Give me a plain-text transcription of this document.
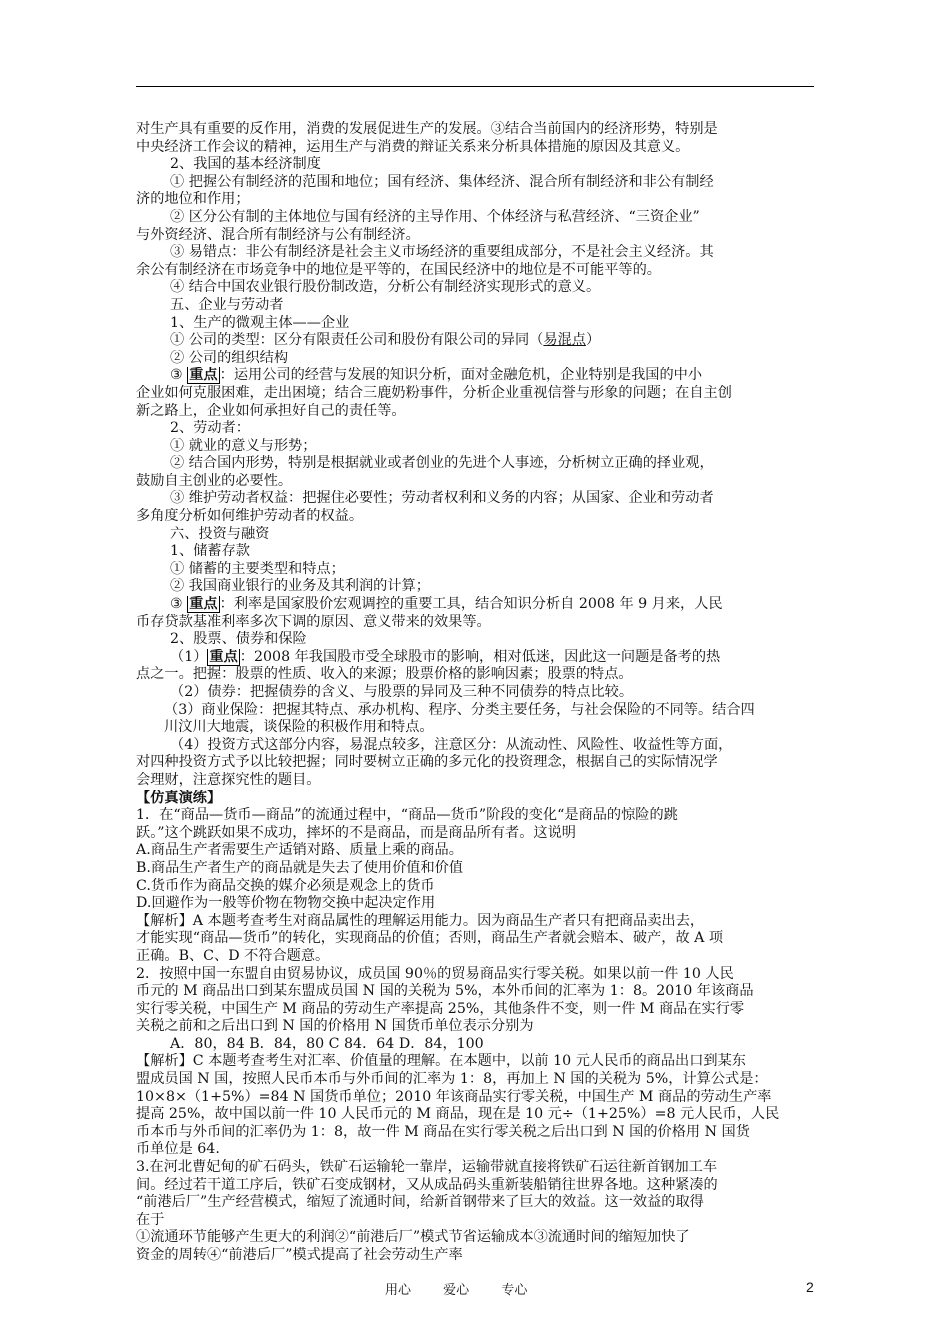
对生产具有重要的反作用，消费的发展促进生产的发展。③结合当前国内的经济形势，特别是
中央经济工作会议的精神，运用生产与消费的辩证关系来分析具体措施的原因及其意义。
2、我国的基本经济制度
① 把握公有制经济的范围和地位；国有经济、集体经济、混合所有制经济和非公有制经
济的地位和作用；
② 区分公有制的主体地位与国有经济的主导作用、个体经济与私营经济、“三资企业”
与外资经济、混合所有制经济与公有制经济。
③ 易错点：非公有制经济是社会主义市场经济的重要组成部分，不是社会主义经济。其
余公有制经济在市场竞争中的地位是平等的，在国民经济中的地位是不可能平等的。
④ 结合中国农业银行股份制改造，分析公有制经济实现形式的意义。
五、企业与劳动者
1、生产的微观主体——企业
① 公司的类型：区分有限责任公司和股份有限公司的异同（易混点）
② 公司的组织结构
③ 重点 ：运用公司的经营与发展的知识分析，面对金融危机，企业特别是我国的中小
企业如何克服困难，走出困境；结合三鹿奶粉事件，分析企业重视信誉与形象的问题；在自主创
新之路上，企业如何承担好自己的责任等。
2、劳动者：
① 就业的意义与形势；
② 结合国内形势，特别是根据就业或者创业的先进个人事迹，分析树立正确的择业观，
鼓励自主创业的必要性。
③ 维护劳动者权益：把握住必要性；劳动者权利和义务的内容；从国家、企业和劳动者
多角度分析如何维护劳动者的权益。
六、投资与融资
1、储蓄存款
① 储蓄的主要类型和特点；
② 我国商业银行的业务及其利润的计算；
③ 重点 ：利率是国家股价宏观调控的重要工具，结合知识分析自 2008 年 9 月来，人民
币存贷款基准利率多次下调的原因、意义带来的效果等。
2、股票、债券和保险
（1） 重点 ：2008 年我国股市受全球股市的影响，相对低迷，因此这一问题是备考的热
点之一。把握：股票的性质、收入的来源；股票价格的影响因素；股票的特点。
（2）债券：把握债券的含义、与股票的异同及三种不同债券的特点比较。
（3）商业保险：把握其特点、承办机构、程序、分类主要任务，与社会保险的不同等。结合四
川汶川大地震，谈保险的积极作用和特点。
（4）投资方式这部分内容，易混点较多，注意区分：从流动性、风险性、收益性等方面，
对四种投资方式予以比较把握；同时要树立正确的多元化的投资理念，根据自己的实际情况学
会理财，注意探究性的题目。
【仿真演练】
1．在“商品—货币—商品”的流通过程中，“商品—货币”阶段的变化“是商品的惊险的跳
跃。”这个跳跃如果不成功，摔坏的不是商品，而是商品所有者。这说明
A.商品生产者需要生产适销对路、质量上乘的商品。
B.商品生产者生产的商品就是失去了使用价值和价值
C.货币作为商品交换的媒介必须是观念上的货币
D.回避作为一般等价物在物物交换中起决定作用
【解析】A 本题考查考生对商品属性的理解运用能力。因为商品生产者只有把商品卖出去，
才能实现“商品—货币”的转化，实现商品的价值；否则，商品生产者就会赔本、破产，故 A 项
正确。B、C、D 不符合题意。
2．按照中国一东盟自由贸易协议，成员国 90％的贸易商品实行零关税。如果以前一件 10 人民
币元的 M 商品出口到某东盟成员国 N 国的关税为 5%，本外币间的汇率为 1：8。2010 年该商品
实行零关税，中国生产 M 商品的劳动生产率提高 25%，其他条件不变，则一件 M 商品在实行零
关税之前和之后出口到 N 国的价格用 N 国货币单位表示分别为
A．80，84 B．84，80 C 84．64 D．84，100
【解析】C 本题考查考生对汇率、价值量的理解。在本题中，以前 10 元人民币的商品出口到某东
盟成员国 N 国，按照人民币本币与外币间的汇率为 1：8，再加上 N 国的关税为 5%，计算公式是：
10×8×（1+5%）=84 N 国货币单位；2010 年该商品实行零关税，中国生产 M 商品的劳动生产率
提高 25%，故中国以前一件 10 人民币元的 M 商品，现在是 10 元÷（1+25%）=8 元人民币，人民
币本币与外币间的汇率仍为 1：8，故一件 M 商品在实行零关税之后出口到 N 国的价格用 N 国货
币单位是 64.
3.在河北曹妃甸的矿石码头，铁矿石运输轮一靠岸，运输带就直接将铁矿石运往新首钢加工车
间。经过若干道工序后，铁矿石变成钢材，又从成品码头重新装船销往世界各地。这种紧凑的
“前港后厂”生产经营模式，缩短了流通时间，给新首钢带来了巨大的效益。这一效益的取得
在于
①流通环节能够产生更大的利润②“前港后厂”模式节省运输成本③流通时间的缩短加快了
资金的周转④“前港后厂”模式提高了社会劳动生产率
用心 爱心 专心	2
